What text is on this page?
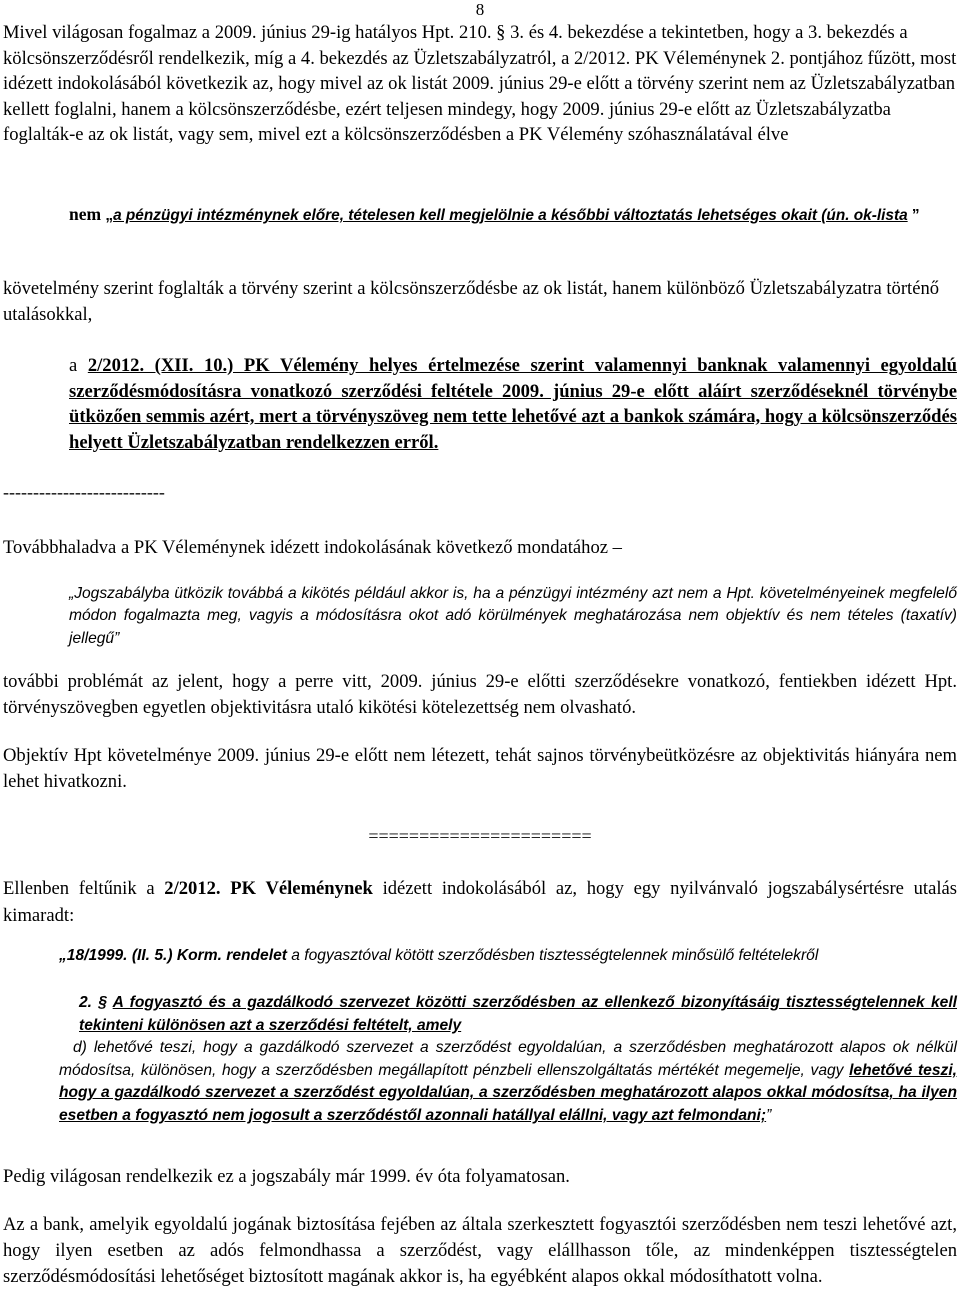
8

Mivel világosan fogalmaz a 2009. június 29-ig hatályos Hpt. 210. § 3. és 4. bekezdése a tekintetben, hogy a 3. bekezdés a kölcsönszerződésről rendelkezik, míg a 4. bekezdés az Üzletszabályzatról, a 2/2012. PK Véleménynek 2. pontjához fűzött, most idézett indokolásából következik az, hogy mivel az ok listát 2009. június 29-e előtt a törvény szerint nem az Üzletszabályzatban kellett foglalni, hanem a kölcsönszerződésbe, ezért teljesen mindegy, hogy 2009. június 29-e előtt az Üzletszabályzatba foglalták-e az ok listát, vagy sem, mivel ezt a kölcsönszerződésben a PK Vélemény szóhasználatával élve

nem „a pénzügyi intézménynek előre, tételesen kell megjelölnie a későbbi változtatás lehetséges okait (ún. ok-lista ”

követelmény szerint foglalták a törvény szerint a kölcsönszerződésbe az ok listát, hanem különböző Üzletszabályzatra történő utalásokkal,

a 2/2012. (XII. 10.) PK Vélemény helyes értelmezése szerint valamennyi banknak valamennyi egyoldalú szerződésmódosításra vonatkozó szerződési feltétele 2009. június 29-e előtt aláírt szerződéseknél törvénybe ütközően semmis azért, mert a törvényszöveg nem tette lehetővé azt a bankok számára, hogy a kölcsönszerződés helyett Üzletszabályzatban rendelkezzen erről.

---------------------------

Továbbhaladva a PK Véleménynek idézett indokolásának következő mondatához –

„Jogszabályba ütközik továbbá a kikötés például akkor is, ha a pénzügyi intézmény azt nem a Hpt. követelményeinek megfelelő módon fogalmazta meg, vagyis a módosításra okot adó körülmények meghatározása nem objektív és nem tételes (taxatív) jellegű”

további problémát az jelent, hogy a perre vitt, 2009. június 29-e előtti szerződésekre vonatkozó, fentiekben idézett Hpt. törvényszövegben egyetlen objektivitásra utaló kikötési kötelezettség nem olvasható.

Objektív Hpt követelménye 2009. június 29-e előtt nem létezett, tehát sajnos törvénybeütközésre az objektivitás hiányára nem lehet hivatkozni.

======================

Ellenben feltűnik a 2/2012. PK Véleménynek idézett indokolásából az, hogy egy nyilvánvaló jogszabálysértésre utalás kimaradt:

„18/1999. (II. 5.) Korm. rendelet a fogyasztóval kötött szerződésben tisztességtelennek minősülő feltételekről

2. § A fogyasztó és a gazdálkodó szervezet közötti szerződésben az ellenkező bizonyításáig tisztességtelennek kell tekinteni különösen azt a szerződési feltételt, amely
d) lehetővé teszi, hogy a gazdálkodó szervezet a szerződést egyoldalúan, a szerződésben meghatározott alapos ok nélkül módosítsa, különösen, hogy a szerződésben megállapított pénzbeli ellenszolgáltatás mértékét megemelje, vagy lehetővé teszi, hogy a gazdálkodó szervezet a szerződést egyoldalúan, a szerződésben meghatározott alapos okkal módosítsa, ha ilyen esetben a fogyasztó nem jogosult a szerződéstől azonnali hatállyal elállni, vagy azt felmondani;”

Pedig világosan rendelkezik ez a jogszabály már 1999. év óta folyamatosan.

Az a bank, amelyik egyoldalú jogának biztosítása fejében az általa szerkesztett fogyasztói szerződésben nem teszi lehetővé azt, hogy ilyen esetben az adós felmondhassa a szerződést, vagy elállhasson tőle, az mindenképpen tisztességtelen szerződésmódosítási lehetőséget biztosított magának akkor is, ha egyébként alapos okkal módosíthatott volna.
